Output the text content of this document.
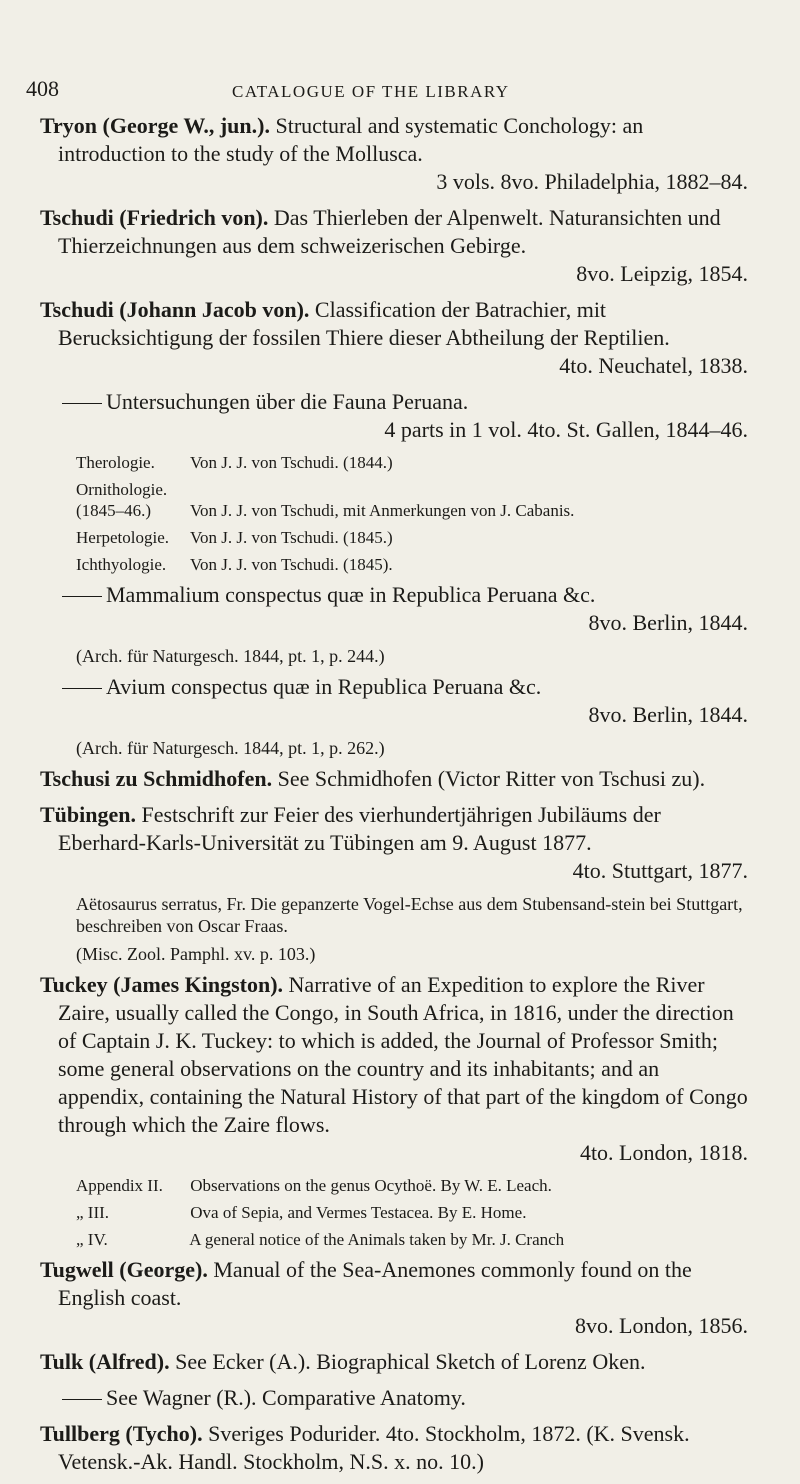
408	CATALOGUE OF THE LIBRARY
Tryon (George W., jun.). Structural and systematic Conchology: an introduction to the study of the Mollusca.
3 vols. 8vo. Philadelphia, 1882–84.
Tschudi (Friedrich von). Das Thierleben der Alpenwelt. Naturansichten und Thierzeichnungen aus dem schweizerischen Gebirge.
8vo. Leipzig, 1854.
Tschudi (Johann Jacob von). Classification der Batrachier, mit Berucksichtigung der fossilen Thiere dieser Abtheilung der Reptilien.
4to. Neuchatel, 1838.
Untersuchungen über die Fauna Peruana.
4 parts in 1 vol. 4to. St. Gallen, 1844–46.
Therologie. Von J. J. von Tschudi. (1844.)
Ornithologie. (1845–46.) Von J. J. von Tschudi, mit Anmerkungen von J. Cabanis.
Herpetologie. Von J. J. von Tschudi. (1845.)
Ichthyologie. Von J. J. von Tschudi. (1845).
Mammalium conspectus quæ in Republica Peruana &c.
8vo. Berlin, 1844.
(Arch. für Naturgesch. 1844, pt. 1, p. 244.)
Avium conspectus quæ in Republica Peruana &c.
8vo. Berlin, 1844.
(Arch. für Naturgesch. 1844, pt. 1, p. 262.)
Tschusi zu Schmidhofen. See Schmidhofen (Victor Ritter von Tschusi zu).
Tübingen. Festschrift zur Feier des vierhundertjährigen Jubiläums der Eberhard-Karls-Universität zu Tübingen am 9. August 1877.
4to. Stuttgart, 1877.
Aëtosaurus serratus, Fr. Die gepanzerte Vogel-Echse aus dem Stubensand-stein bei Stuttgart, beschreiben von Oscar Fraas.
(Misc. Zool. Pamphl. xv. p. 103.)
Tuckey (James Kingston). Narrative of an Expedition to explore the River Zaire, usually called the Congo, in South Africa, in 1816, under the direction of Captain J. K. Tuckey: to which is added, the Journal of Professor Smith; some general observations on the country and its inhabitants; and an appendix, containing the Natural History of that part of the kingdom of Congo through which the Zaire flows.
4to. London, 1818.
Appendix II. Observations on the genus Ocythoë. By W. E. Leach.
„ III.	Ova of Sepia, and Vermes Testacea. By E. Home.
„ IV.	A general notice of the Animals taken by Mr. J. Cranch
Tugwell (George). Manual of the Sea-Anemones commonly found on the English coast.
8vo. London, 1856.
Tulk (Alfred). See Ecker (A.). Biographical Sketch of Lorenz Oken.
See Wagner (R.). Comparative Anatomy.
Tullberg (Tycho). Sveriges Podurider. 4to. Stockholm, 1872. (K. Svensk. Vetensk.-Ak. Handl. Stockholm, N.S. x. no. 10.)
